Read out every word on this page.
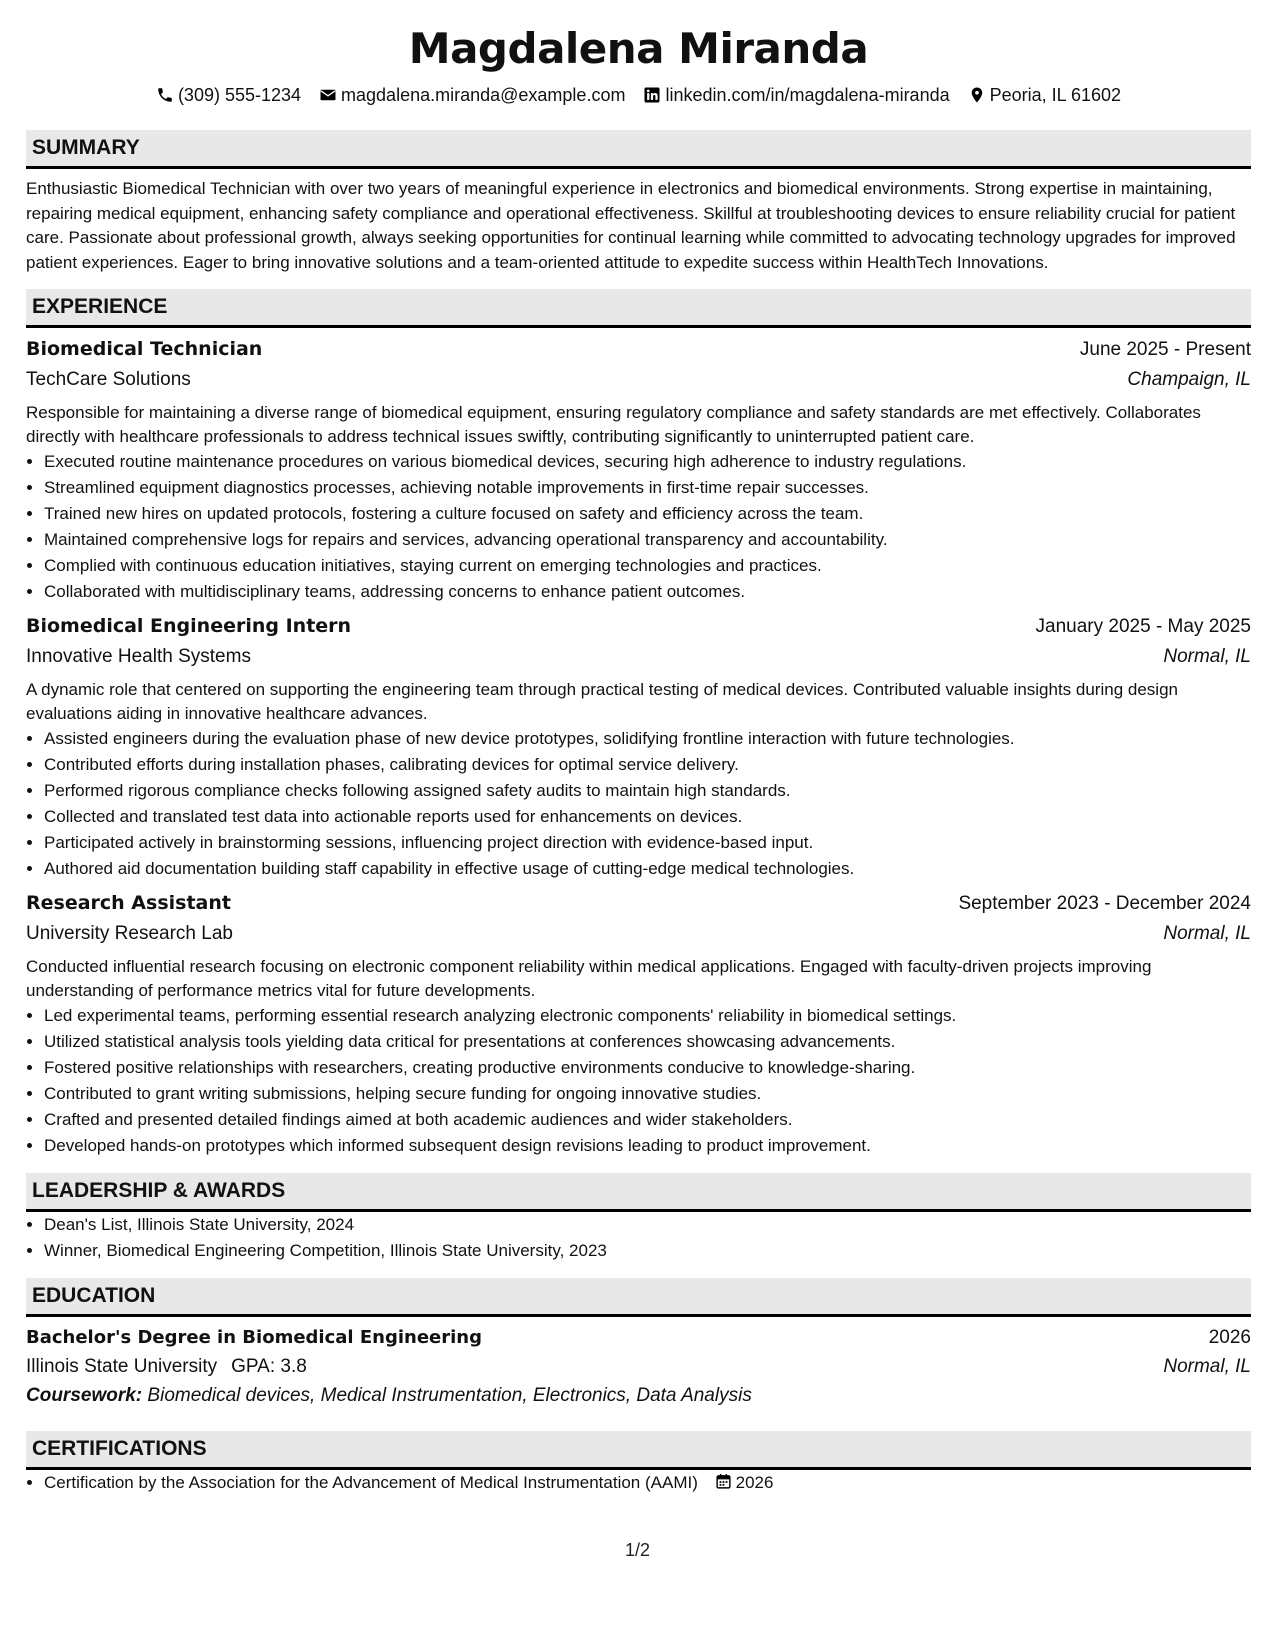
Magdalena Miranda
(309) 555-1234 magdalena.miranda@example.com linkedin.com/in/magdalena-miranda Peoria, IL 61602
SUMMARY

Enthusiastic Biomedical Technician with over two years of meaningful experience in electronics and biomedical environments. Strong expertise in maintaining, repairing medical equipment, enhancing safety compliance and operational effectiveness. Skillful at troubleshooting devices to ensure reliability crucial for patient care. Passionate about professional growth, always seeking opportunities for continual learning while committed to advocating technology upgrades for improved patient experiences. Eager to bring innovative solutions and a team-oriented attitude to expedite success within HealthTech Innovations.

EXPERIENCE
Biomedical Technician	June 2025 - Present
TechCare Solutions	Champaign, IL
Responsible for maintaining a diverse range of biomedical equipment, ensuring regulatory compliance and safety standards are met effectively. Collaborates directly with healthcare professionals to address technical issues swiftly, contributing significantly to uninterrupted patient care.
• Executed routine maintenance procedures on various biomedical devices, securing high adherence to industry regulations.
• Streamlined equipment diagnostics processes, achieving notable improvements in first-time repair successes.
• Trained new hires on updated protocols, fostering a culture focused on safety and efficiency across the team.
• Maintained comprehensive logs for repairs and services, advancing operational transparency and accountability.
• Complied with continuous education initiatives, staying current on emerging technologies and practices.
• Collaborated with multidisciplinary teams, addressing concerns to enhance patient outcomes.
Biomedical Engineering Intern	January 2025 - May 2025
Innovative Health Systems	Normal, IL
A dynamic role that centered on supporting the engineering team through practical testing of medical devices. Contributed valuable insights during design evaluations aiding in innovative healthcare advances.
• Assisted engineers during the evaluation phase of new device prototypes, solidifying frontline interaction with future technologies.
• Contributed efforts during installation phases, calibrating devices for optimal service delivery.
• Performed rigorous compliance checks following assigned safety audits to maintain high standards.
• Collected and translated test data into actionable reports used for enhancements on devices.
• Participated actively in brainstorming sessions, influencing project direction with evidence-based input.
• Authored aid documentation building staff capability in effective usage of cutting-edge medical technologies.
Research Assistant	September 2023 - December 2024
University Research Lab	Normal, IL
Conducted influential research focusing on electronic component reliability within medical applications. Engaged with faculty-driven projects improving understanding of performance metrics vital for future developments.
• Led experimental teams, performing essential research analyzing electronic components' reliability in biomedical settings.
• Utilized statistical analysis tools yielding data critical for presentations at conferences showcasing advancements.
• Fostered positive relationships with researchers, creating productive environments conducive to knowledge-sharing.
• Contributed to grant writing submissions, helping secure funding for ongoing innovative studies.
• Crafted and presented detailed findings aimed at both academic audiences and wider stakeholders.
• Developed hands-on prototypes which informed subsequent design revisions leading to product improvement.
LEADERSHIP & AWARDS
• Dean's List, Illinois State University, 2024
• Winner, Biomedical Engineering Competition, Illinois State University, 2023
EDUCATION
Bachelor's Degree in Biomedical Engineering	2026
Illinois State University GPA: 3.8	Normal, IL
Coursework: Biomedical devices, Medical Instrumentation, Electronics, Data Analysis
CERTIFICATIONS
• Certification by the Association for the Advancement of Medical Instrumentation (AAMI) 2026
1/2
